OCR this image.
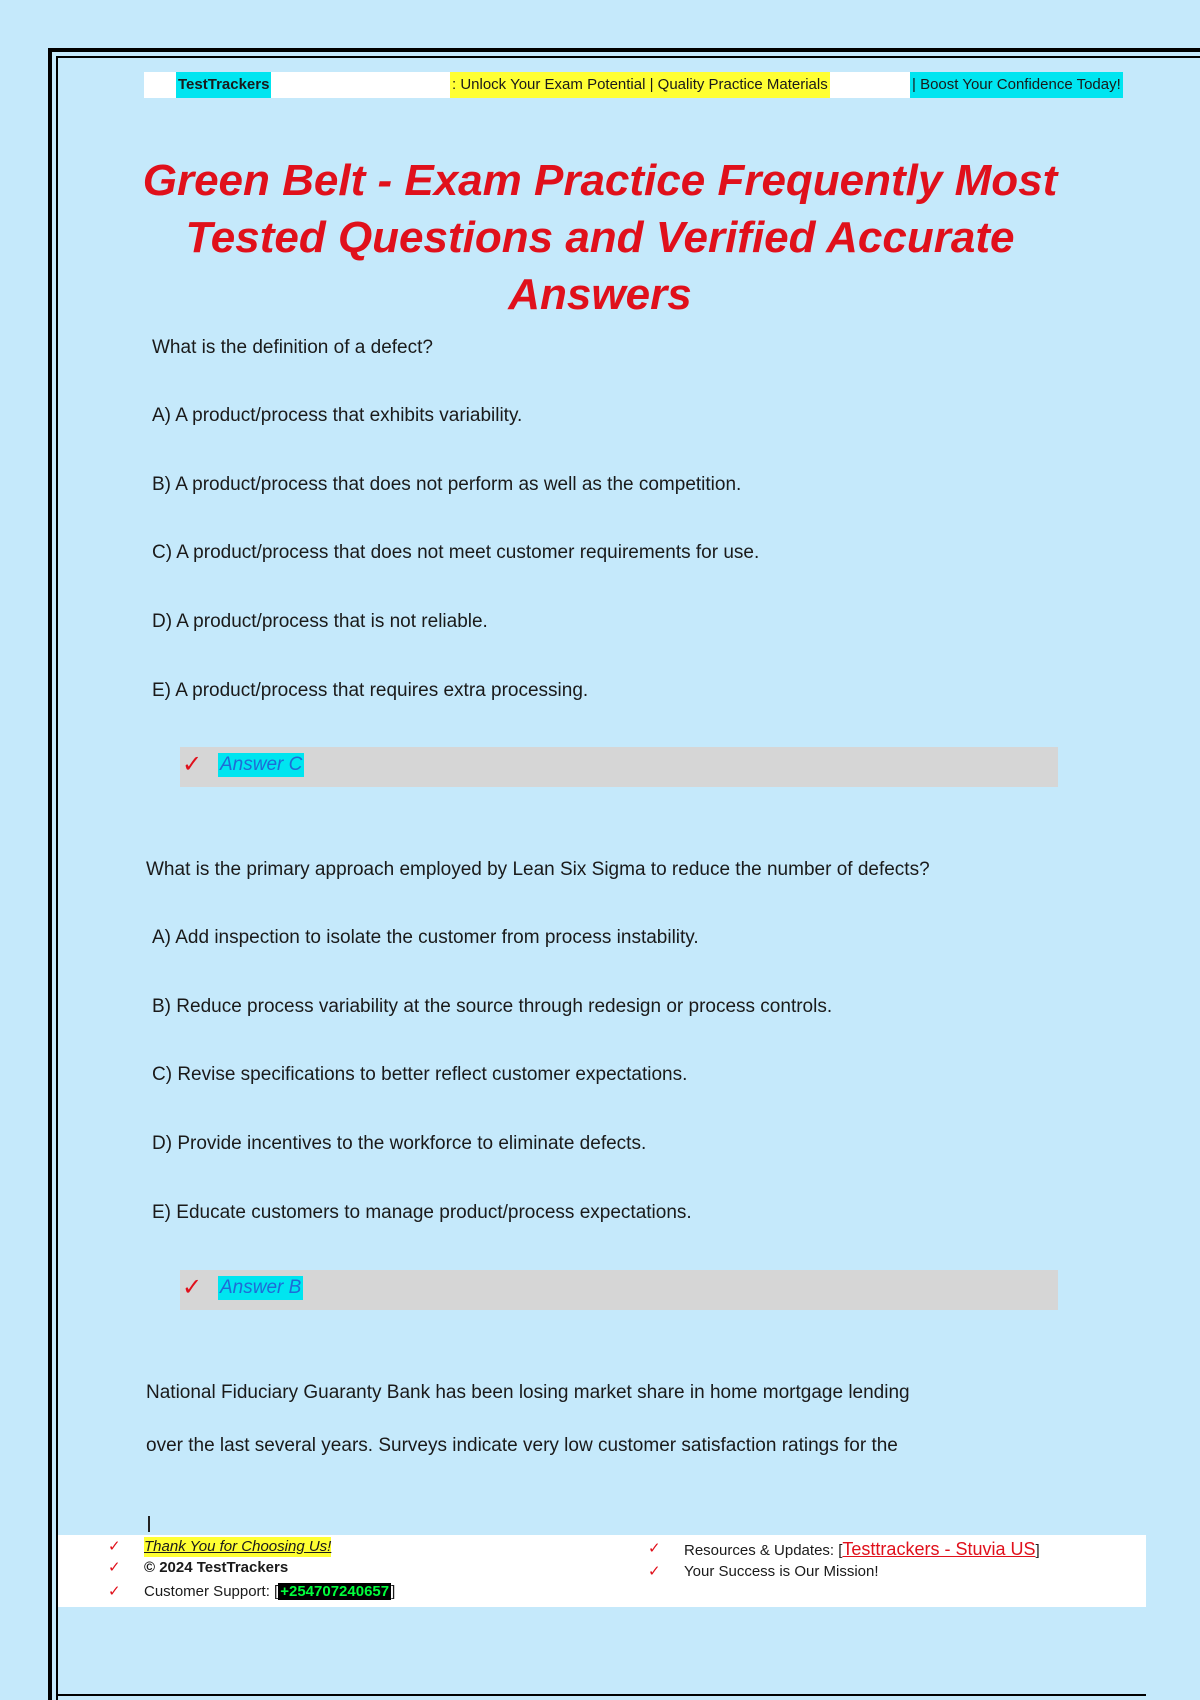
TestTrackers	: Unlock Your Exam Potential | Quality Practice Materials	| Boost Your Confidence Today!
Green Belt - Exam Practice Frequently Most Tested Questions and Verified Accurate Answers
What is the definition of a defect?
A) A product/process that exhibits variability.
B) A product/process that does not perform as well as the competition.
C) A product/process that does not meet customer requirements for use.
D) A product/process that is not reliable.
E) A product/process that requires extra processing.
✓ Answer C
What is the primary approach employed by Lean Six Sigma to reduce the number of defects?
A) Add inspection to isolate the customer from process instability.
B) Reduce process variability at the source through redesign or process controls.
C) Revise specifications to better reflect customer expectations.
D) Provide incentives to the workforce to eliminate defects.
E) Educate customers to manage product/process expectations.
✓ Answer B
National Fiduciary Guaranty Bank has been losing market share in home mortgage lending
over the last several years. Surveys indicate very low customer satisfaction ratings for the
✓ Thank You for Choosing Us!
✓ © 2024 TestTrackers
✓ Customer Support: [ +254707240657 ]
✓ Resources & Updates: [Testtrackers - Stuvia US]
✓ Your Success is Our Mission!
